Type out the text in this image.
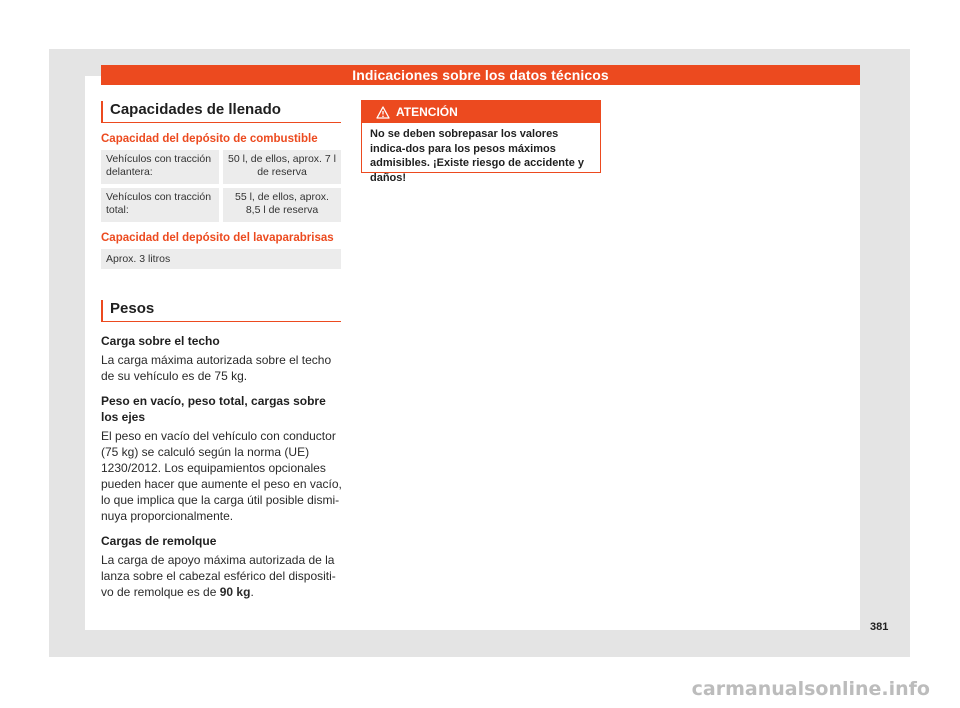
Indicaciones sobre los datos técnicos
Capacidades de llenado
Capacidad del depósito de combustible
Vehículos con tracción delantera:
50 l, de ellos, aprox. 7 l de reserva
Vehículos con tracción total:
55 l, de ellos, aprox. 8,5 l de reserva
Capacidad del depósito del lavaparabrisas
Aprox. 3 litros
Pesos

Carga sobre el techo

La carga máxima autorizada sobre el techo de su vehículo es de 75 kg.

Peso en vacío, peso total, cargas sobre los ejes

El peso en vacío del vehículo con conductor (75 kg) se calculó según la norma (UE) 1230/2012. Los equipamientos opcionales pueden hacer que aumente el peso en vacío, lo que implica que la carga útil posible dismi-nuya proporcionalmente.

Cargas de remolque

La carga de apoyo máxima autorizada de la lanza sobre el cabezal esférico del dispositi-vo de remolque es de 90 kg.

ATENCIÓN
No se deben sobrepasar los valores indica-dos para los pesos máximos admisibles. ¡Existe riesgo de accidente y daños!
381
carmanualsonline.info
